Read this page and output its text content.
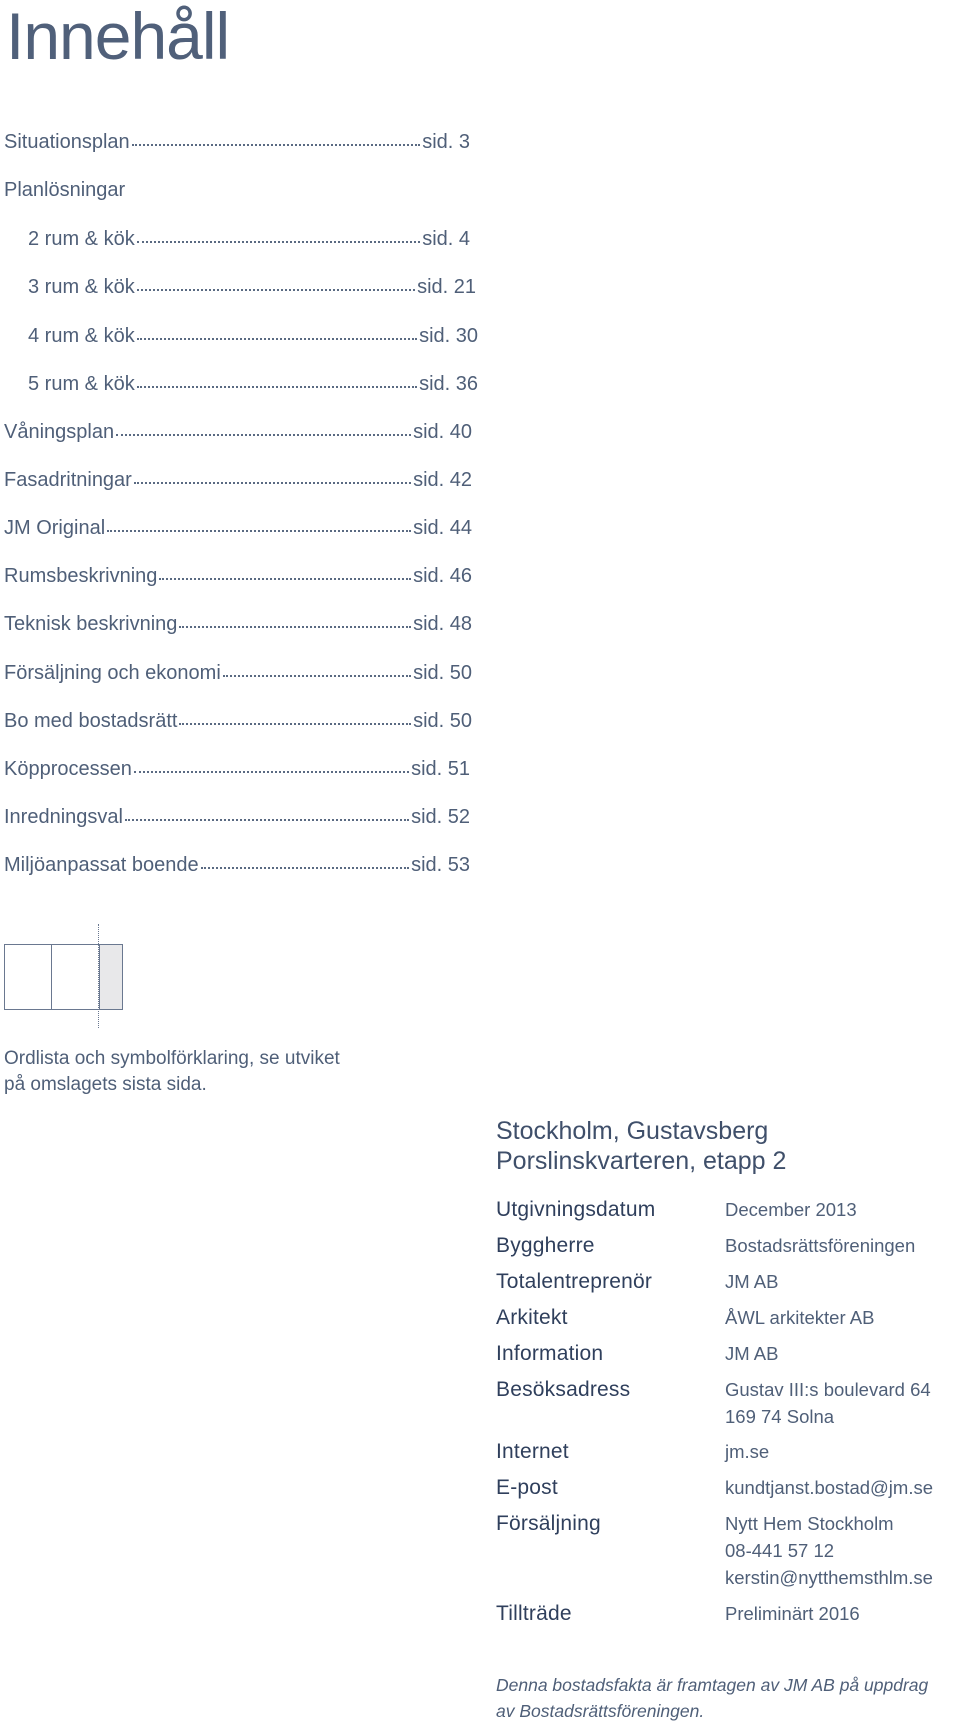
Innehåll
Situationsplan	sid. 3
Planlösningar
2 rum & kök	sid. 4
3 rum & kök	sid. 21
4 rum & kök	sid. 30
5 rum & kök	sid. 36
Våningsplan	sid. 40
Fasadritningar	sid. 42
JM Original	sid. 44
Rumsbeskrivning	sid. 46
Teknisk beskrivning	sid. 48
Försäljning och ekonomi	sid. 50
Bo med bostadsrätt	sid. 50
Köpprocessen	sid. 51
Inredningsval	sid. 52
Miljöanpassat boende	sid. 53
Ordlista och symbolförklaring, se utviket
på omslagets sista sida.
Stockholm, Gustavsberg
Porslinskvarteren, etapp 2
Utgivningsdatum	December 2013
Byggherre	Bostadsrättsföreningen
Totalentreprenör	JM AB
Arkitekt	ÅWL arkitekter AB
Information	JM AB
Besöksadress	Gustav III:s boulevard 64
169 74 Solna
Internet	jm.se
E-post	kundtjanst.bostad@jm.se
Försäljning	Nytt Hem Stockholm
08-441 57 12
kerstin@nytthemsthlm.se
Tillträde	Preliminärt 2016
Denna bostadsfakta är framtagen av JM AB på uppdrag
av Bostadsrättsföreningen.
